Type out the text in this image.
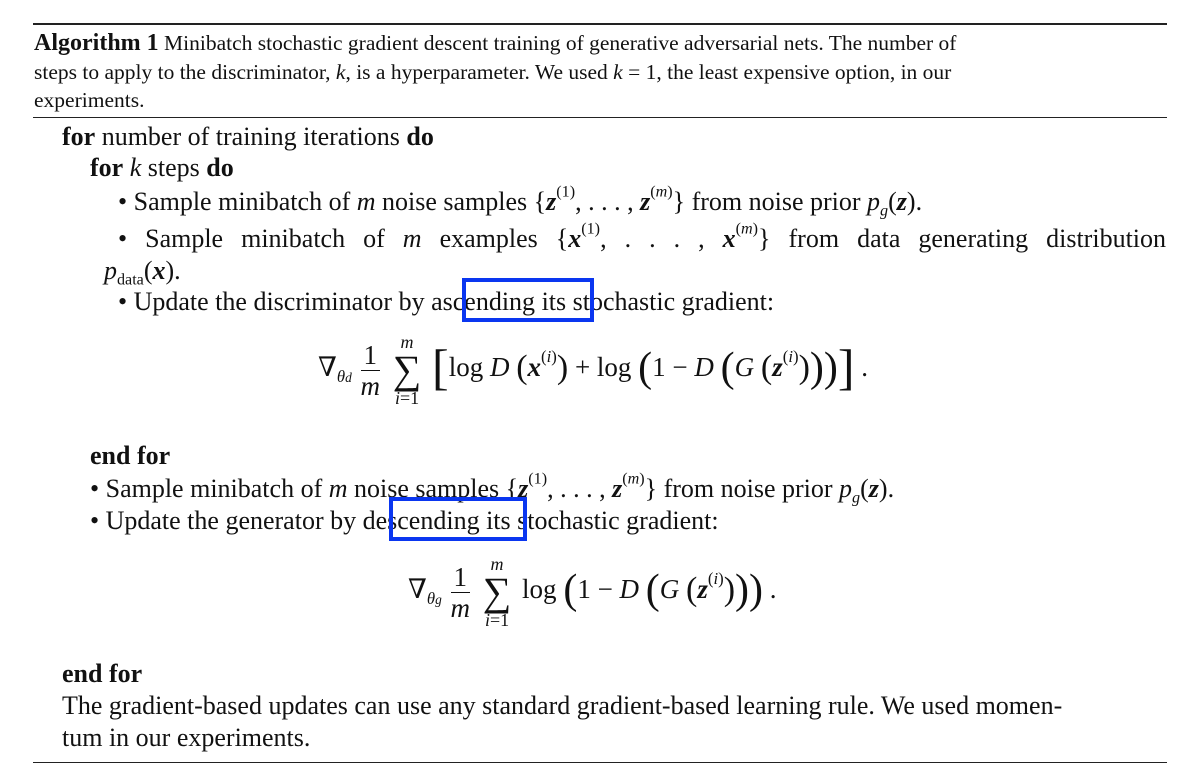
Algorithm 1 Minibatch stochastic gradient descent training of generative adversarial nets. The number of
steps to apply to the discriminator, k, is a hyperparameter. We used k = 1, the least expensive option, in our
experiments.
for number of training iterations do
for k steps do
• Sample minibatch of m noise samples {$z^{(1)}$, . . . , $z^{(m)}$} from noise prior $p_g(z)$.
• Sample minibatch of m examples {$x^{(1)}$, . . . , $x^{(m)}$} from data generating distribution
$p_{data}(x)$.
• Update the discriminator by ascending its stochastic gradient:
$\nabla_{\theta d} \frac{1}{m}$
	m
∑
i=1
[log D $(x^{(i)}) + \log (1 - D$ (G $(z^{(i)})$))] .
end for
• Sample minibatch of m noise samples {$z^{(1)}$, . . . , $z^{(m)}$} from noise prior $p_g(z)$.
• Update the generator by descending its stochastic gradient:
$\nabla_{\theta g} \frac{1}{m}$
	m
∑
i=1
log (1 − D (G $(z^{(i)})$)) .
end for
The gradient-based updates can use any standard gradient-based learning rule. We used momen-
tum in our experiments.
